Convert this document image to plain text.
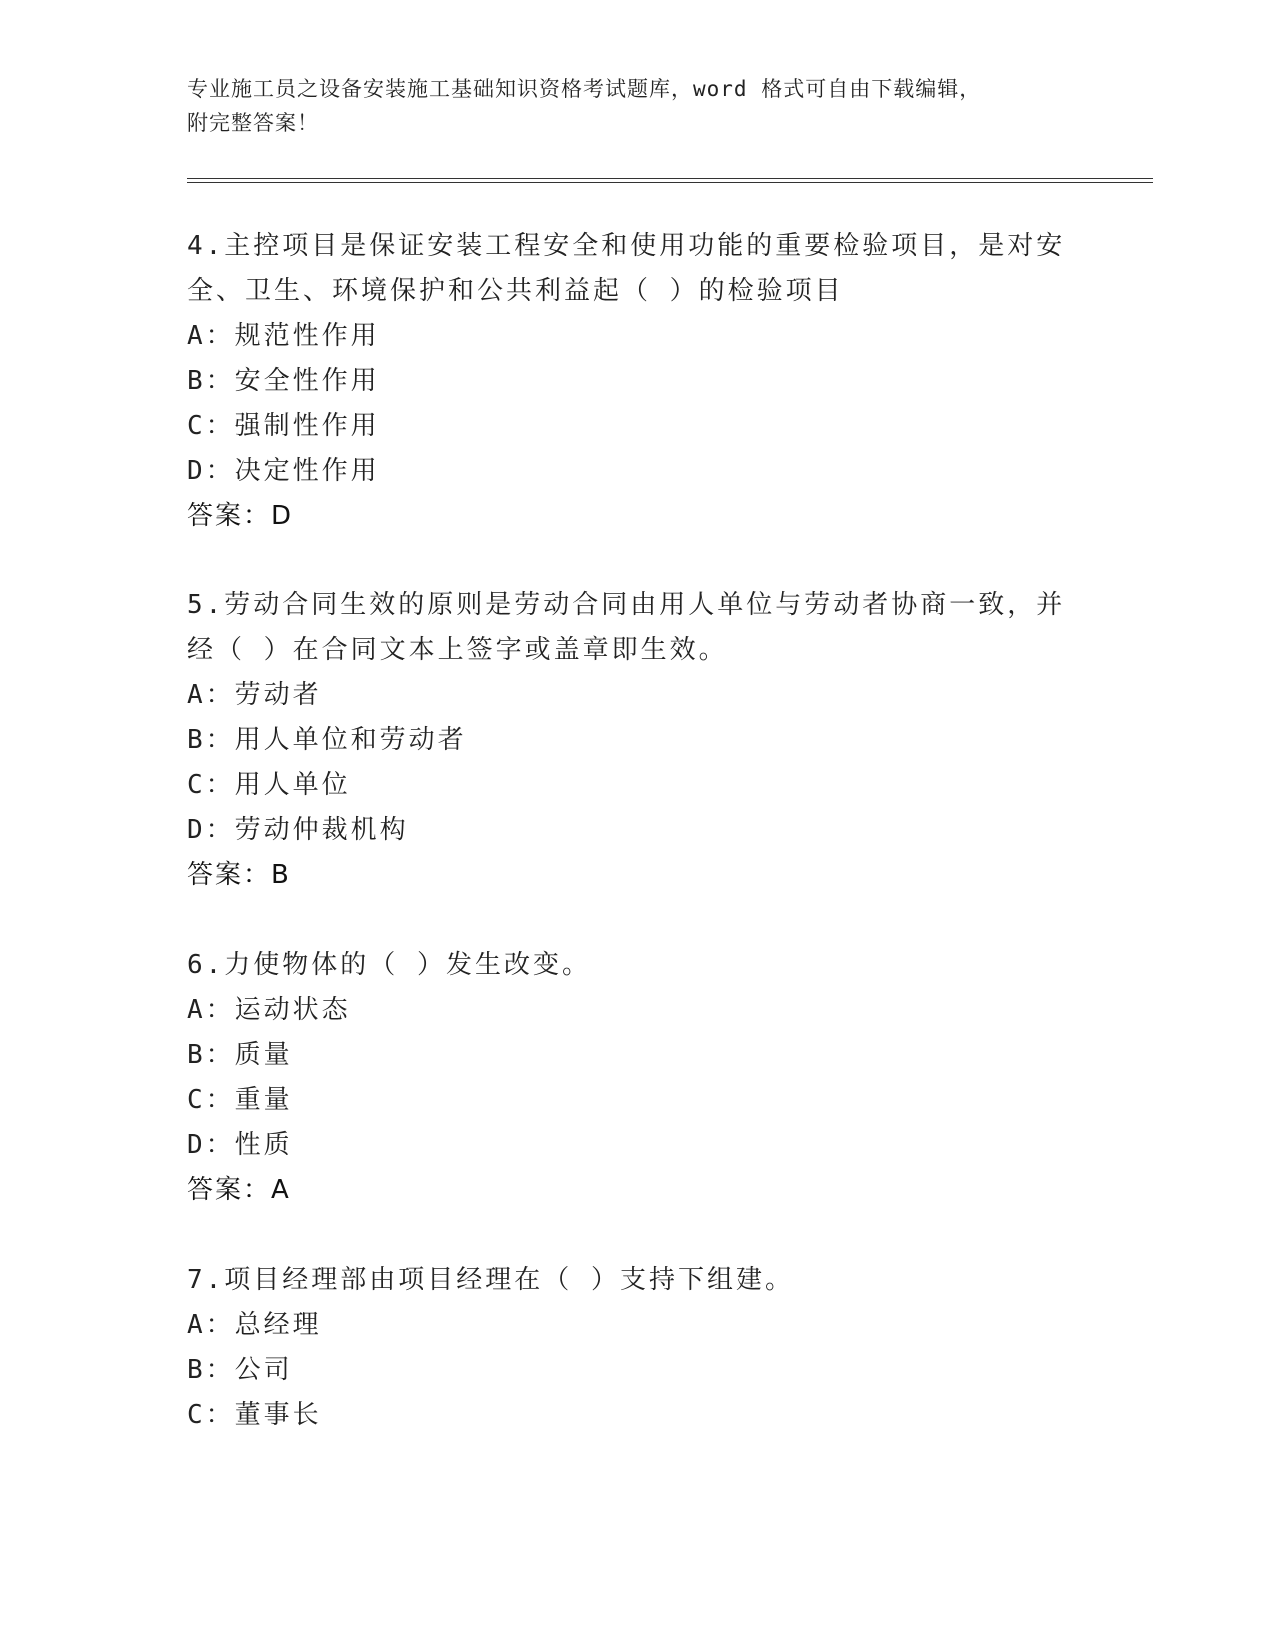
专业施工员之设备安装施工基础知识资格考试题库，word 格式可自由下载编辑，
附完整答案！

4.主控项目是保证安装工程安全和使用功能的重要检验项目，是对安

全、卫生、环境保护和公共利益起（ ）的检验项目

A：规范性作用

B：安全性作用

C：强制性作用

D：决定性作用

答案：D

5.劳动合同生效的原则是劳动合同由用人单位与劳动者协商一致，并

经（ ）在合同文本上签字或盖章即生效。

A：劳动者

B：用人单位和劳动者

C：用人单位

D：劳动仲裁机构

答案：B

6.力使物体的（ ）发生改变。

A：运动状态

B：质量

C：重量

D：性质

答案：A

7.项目经理部由项目经理在（ ）支持下组建。

A：总经理

B：公司

C：董事长
